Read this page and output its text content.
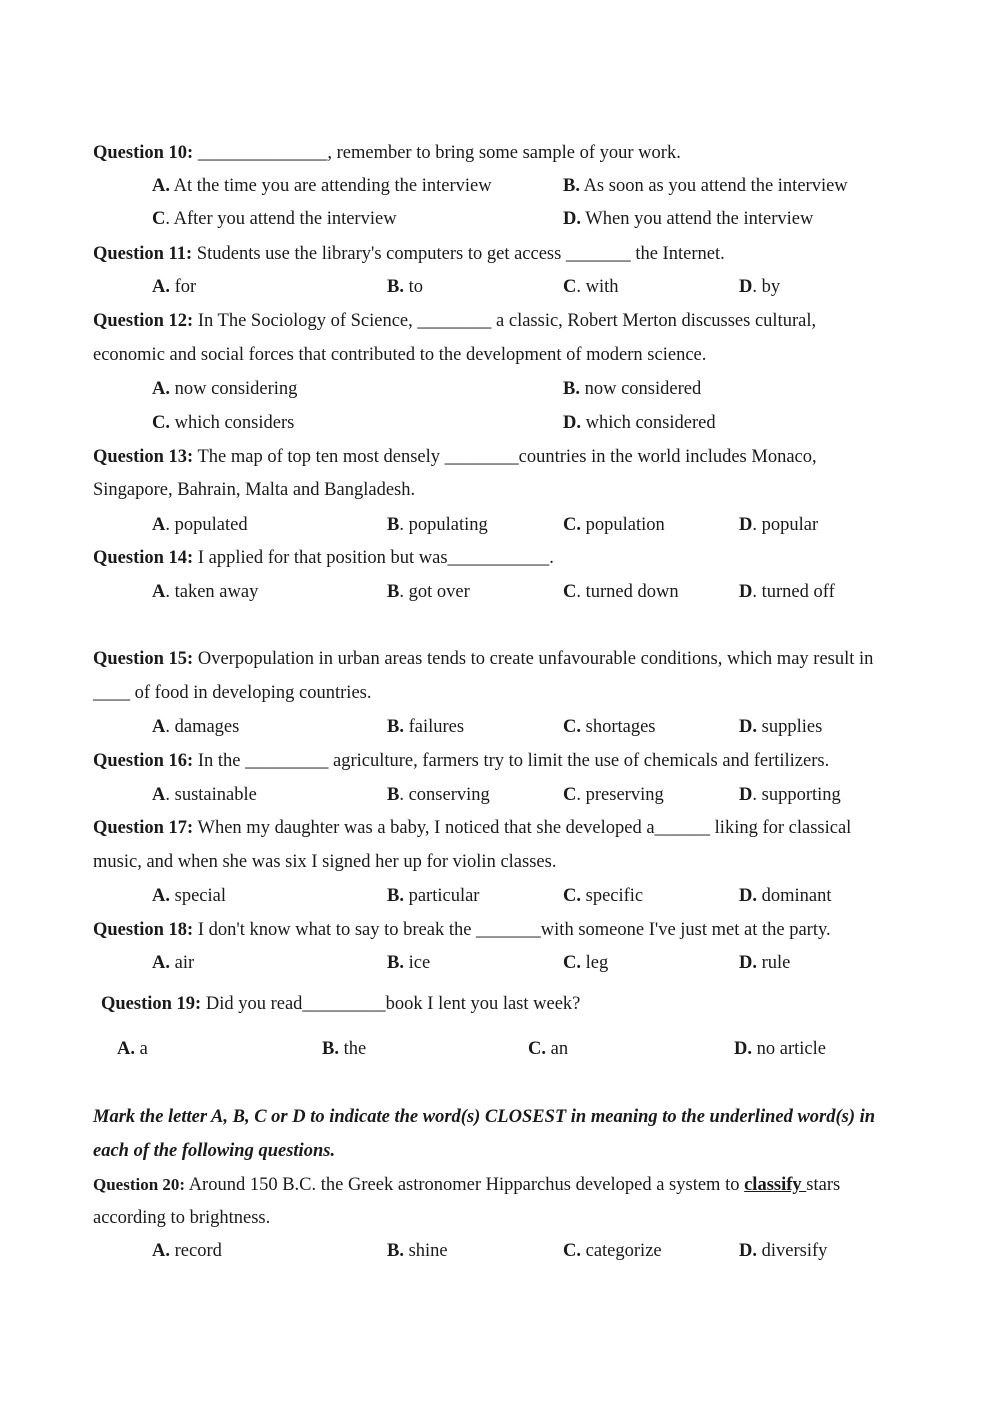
Question 10: ______________, remember to bring some sample of your work.
A. At the time you are attending the interview	B. As soon as you attend the interview
C. After you attend the interview	D. When you attend the interview
Question 11: Students use the library's computers to get access _______ the Internet.
A. for	B. to	C. with	D. by
Question 12: In The Sociology of Science, ________ a classic, Robert Merton discusses cultural,
economic and social forces that contributed to the development of modern science.
A. now considering	B. now considered
C. which considers	D. which considered
Question 13: The map of top ten most densely ________countries in the world includes Monaco,
Singapore, Bahrain, Malta and Bangladesh.
A. populated	B. populating	C. population	D. popular
Question 14: I applied for that position but was___________.
A. taken away	B. got over	C. turned down	D. turned off
Question 15: Overpopulation in urban areas tends to create unfavourable conditions, which may result in
____ of food in developing countries.
A. damages	B. failures	C. shortages	D. supplies
Question 16: In the _________ agriculture, farmers try to limit the use of chemicals and fertilizers.
A. sustainable	B. conserving	C. preserving	D. supporting
Question 17: When my daughter was a baby, I noticed that she developed a______ liking for classical
music, and when she was six I signed her up for violin classes.
A. special	B. particular	C. specific	D. dominant
Question 18: I don't know what to say to break the _______with someone I've just met at the party.
A. air	B. ice	C. leg	D. rule
Question 19: Did you read_________book I lent you last week?
A. a	B. the	C. an	D. no article
Mark the letter A, B, C or D to indicate the word(s) CLOSEST in meaning to the underlined word(s) in
each of the following questions.
Question 20: Around 150 B.C. the Greek astronomer Hipparchus developed a system to classify stars
according to brightness.
A. record	B. shine	C. categorize	D. diversify
